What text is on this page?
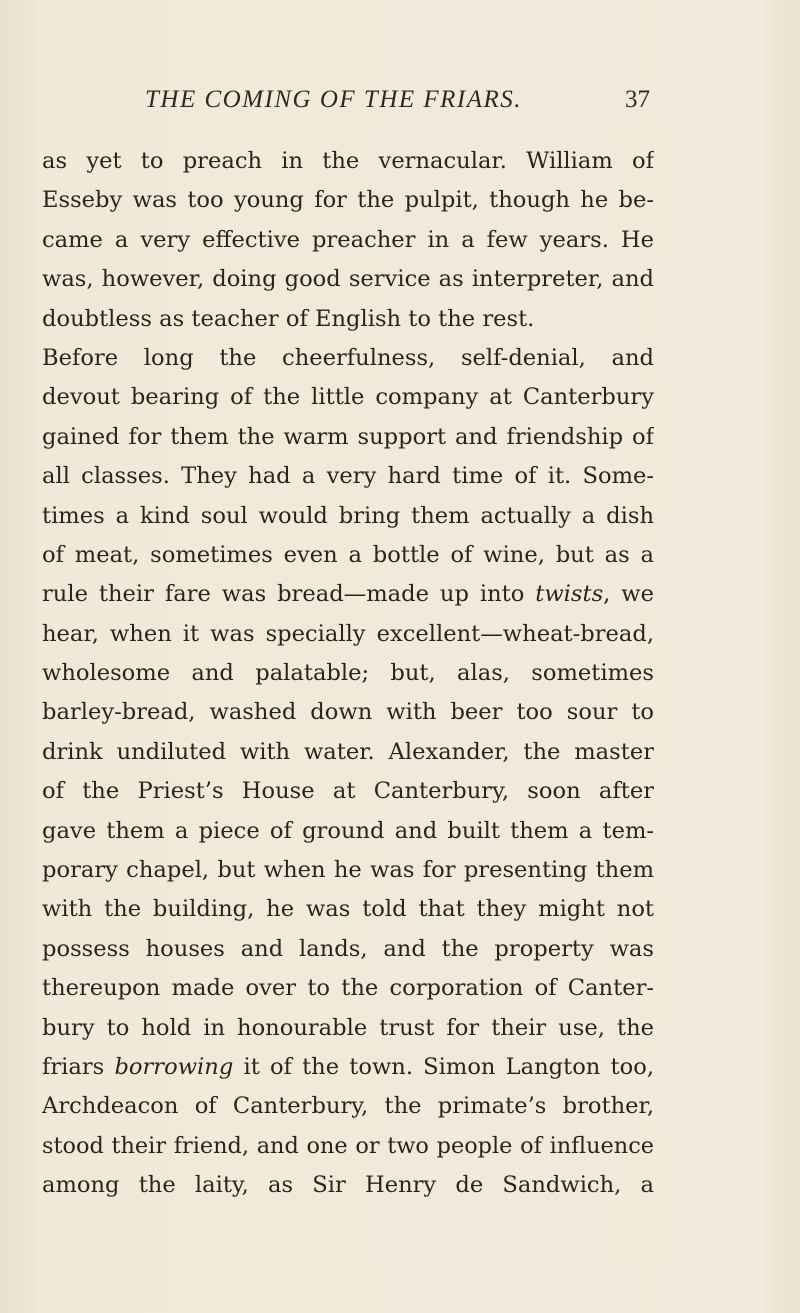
THE COMING OF THE FRIARS.	37
as yet to preach in the vernacular. William of
Esseby was too young for the pulpit, though he be-
came a very effective preacher in a few years. He
was, however, doing good service as interpreter, and
doubtless as teacher of English to the rest.
Before long the cheerfulness, self-denial, and
devout bearing of the little company at Canterbury
gained for them the warm support and friendship of
all classes. They had a very hard time of it. Some-
times a kind soul would bring them actually a dish
of meat, sometimes even a bottle of wine, but as a
rule their fare was bread—made up into twists, we
hear, when it was specially excellent—wheat-bread,
wholesome and palatable; but, alas, sometimes
barley-bread, washed down with beer too sour to
drink undiluted with water. Alexander, the master
of the Priest’s House at Canterbury, soon after
gave them a piece of ground and built them a tem-
porary chapel, but when he was for presenting them
with the building, he was told that they might not
possess houses and lands, and the property was
thereupon made over to the corporation of Canter-
bury to hold in honourable trust for their use, the
friars borrowing it of the town. Simon Langton too,
Archdeacon of Canterbury, the primate’s brother,
stood their friend, and one or two people of influence
among the laity, as Sir Henry de Sandwich, a
